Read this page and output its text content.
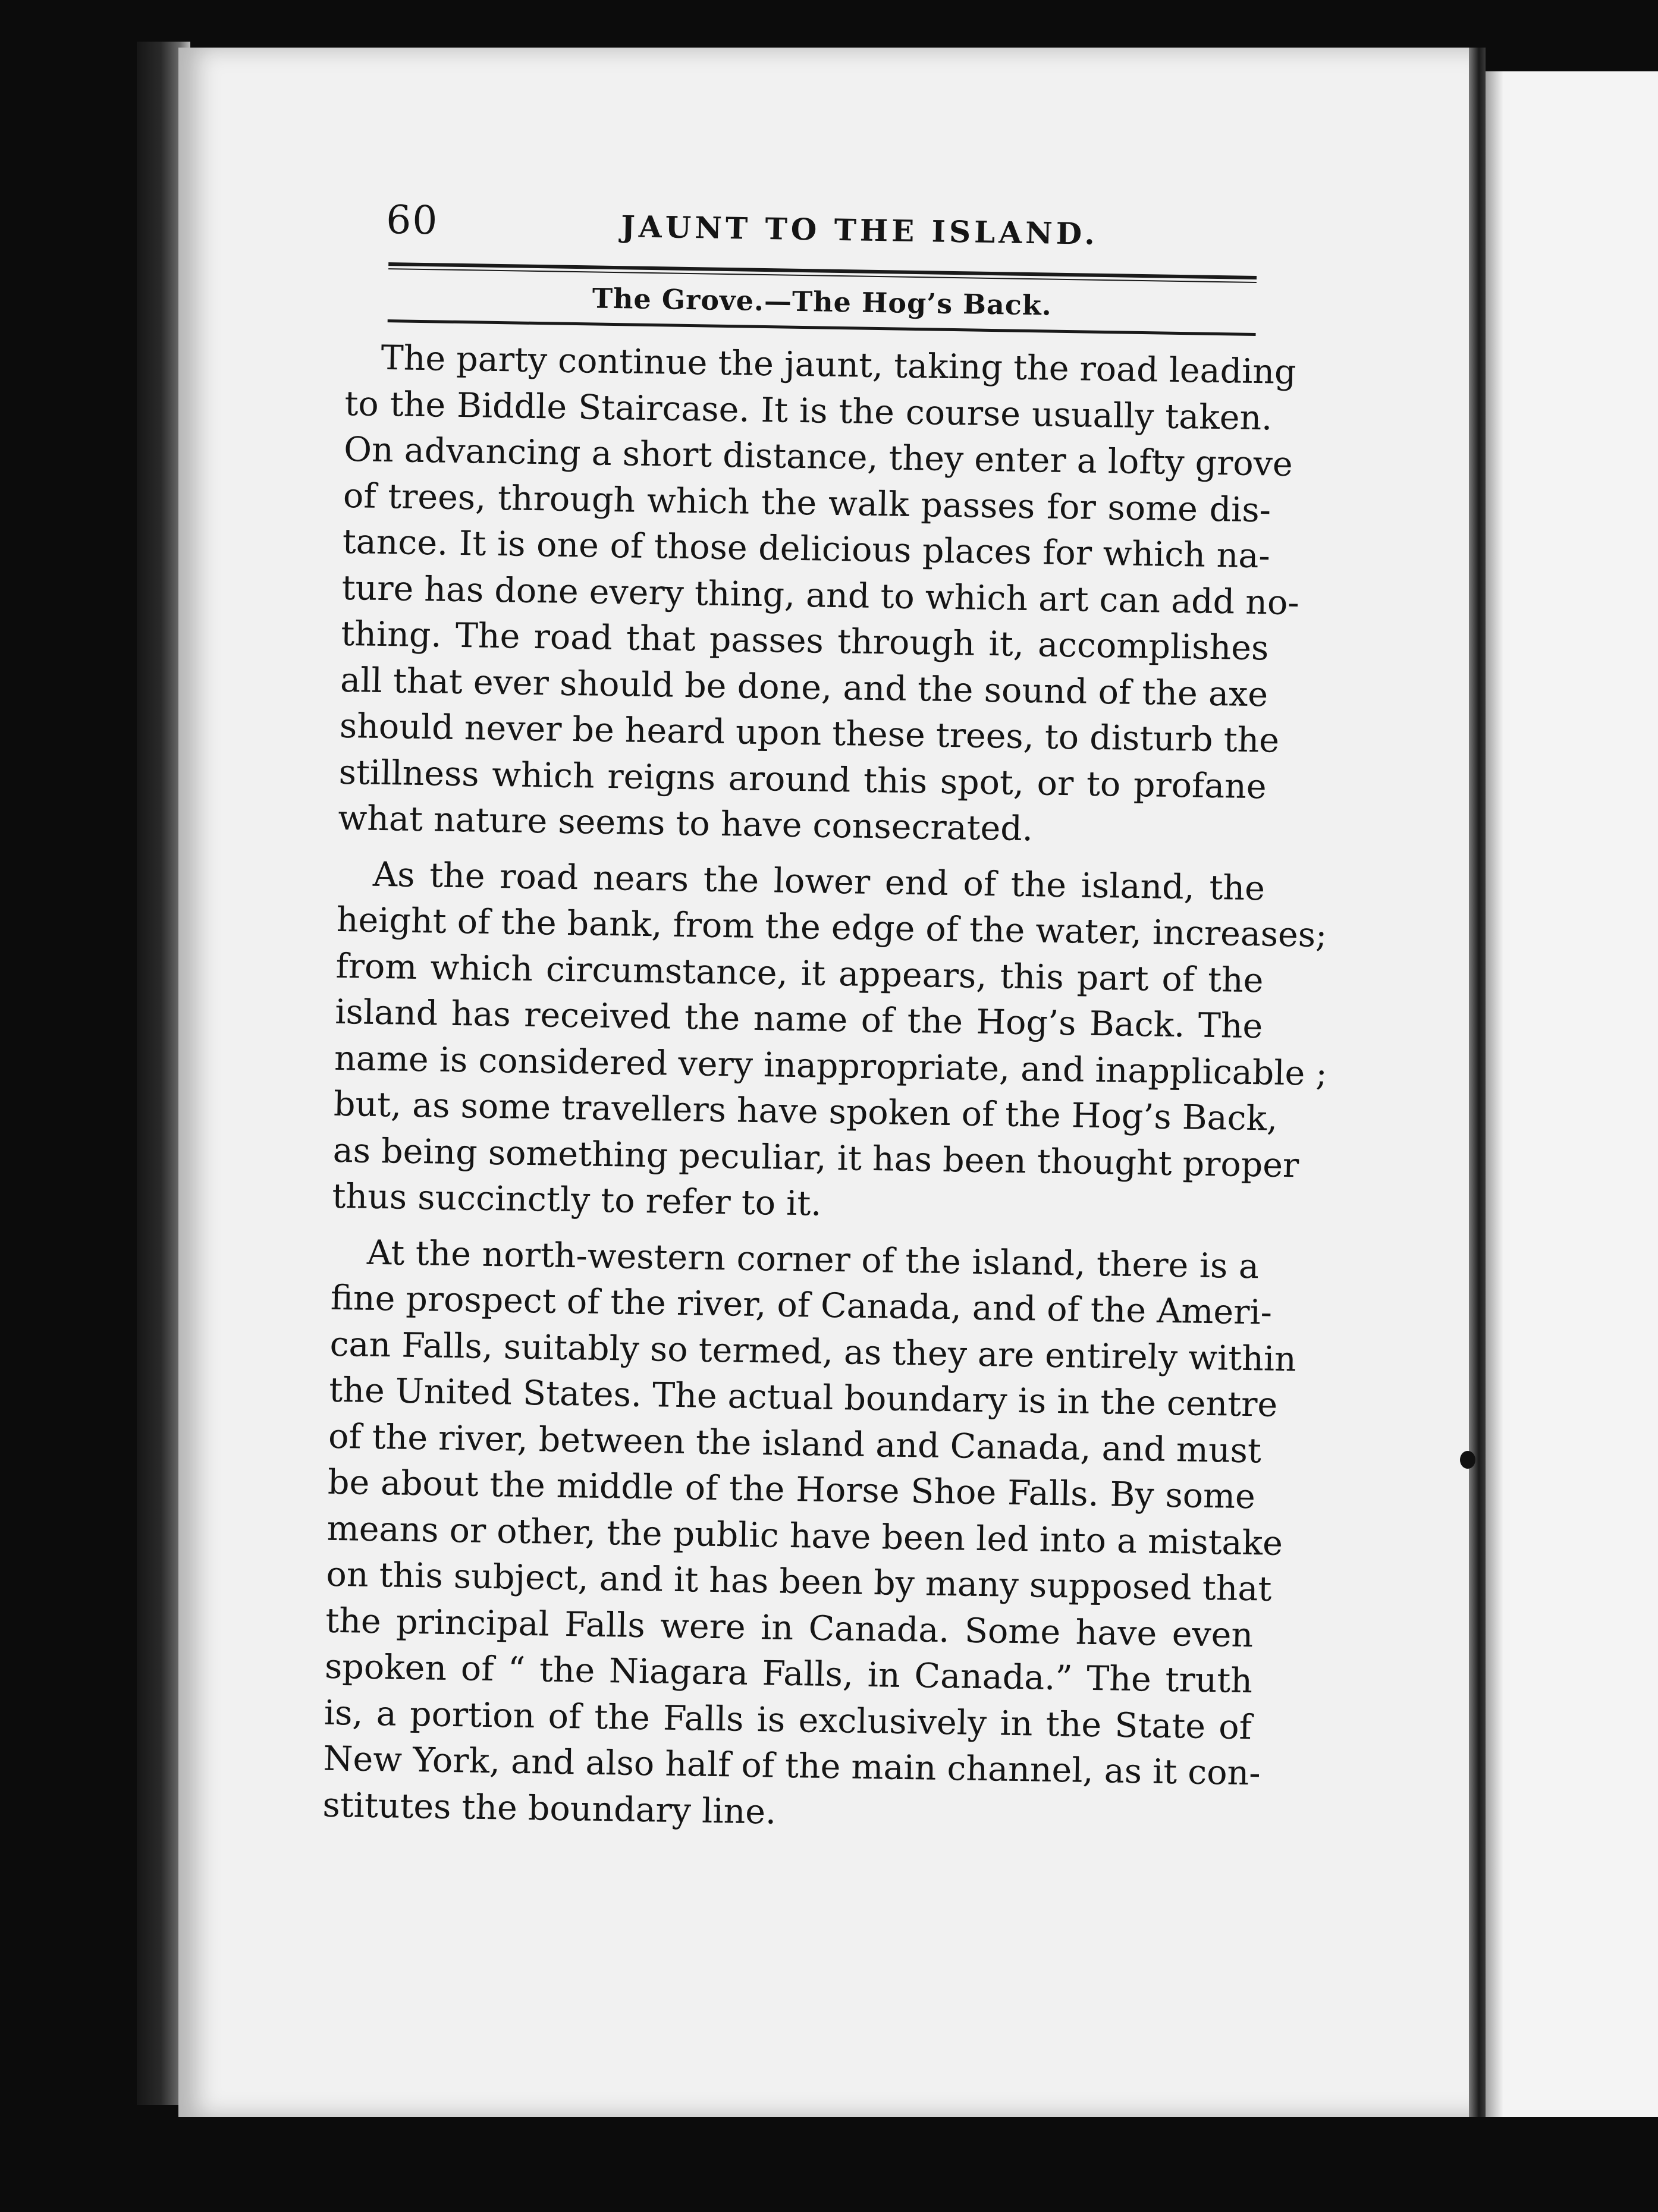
60	JAUNT TO THE ISLAND.
The Grove.—The Hog’s Back.
The party continue the jaunt, taking the road leading
to the Biddle Staircase. It is the course usually taken.
On advancing a short distance, they enter a lofty grove
of trees, through which the walk passes for some dis-
tance. It is one of those delicious places for which na-
ture has done every thing, and to which art can add no-
thing. The road that passes through it, accomplishes
all that ever should be done, and the sound of the axe
should never be heard upon these trees, to disturb the
stillness which reigns around this spot, or to profane
what nature seems to have consecrated.
As the road nears the lower end of the island, the
height of the bank, from the edge of the water, increases;
from which circumstance, it appears, this part of the
island has received the name of the Hog’s Back. The
name is considered very inappropriate, and inapplicable ;
but, as some travellers have spoken of the Hog’s Back,
as being something peculiar, it has been thought proper
thus succinctly to refer to it.
At the north-western corner of the island, there is a
fine prospect of the river, of Canada, and of the Ameri-
can Falls, suitably so termed, as they are entirely within
the United States. The actual boundary is in the centre
of the river, between the island and Canada, and must
be about the middle of the Horse Shoe Falls. By some
means or other, the public have been led into a mistake
on this subject, and it has been by many supposed that
the principal Falls were in Canada. Some have even
spoken of “ the Niagara Falls, in Canada.” The truth
is, a portion of the Falls is exclusively in the State of
New York, and also half of the main channel, as it con-
stitutes the boundary line.
